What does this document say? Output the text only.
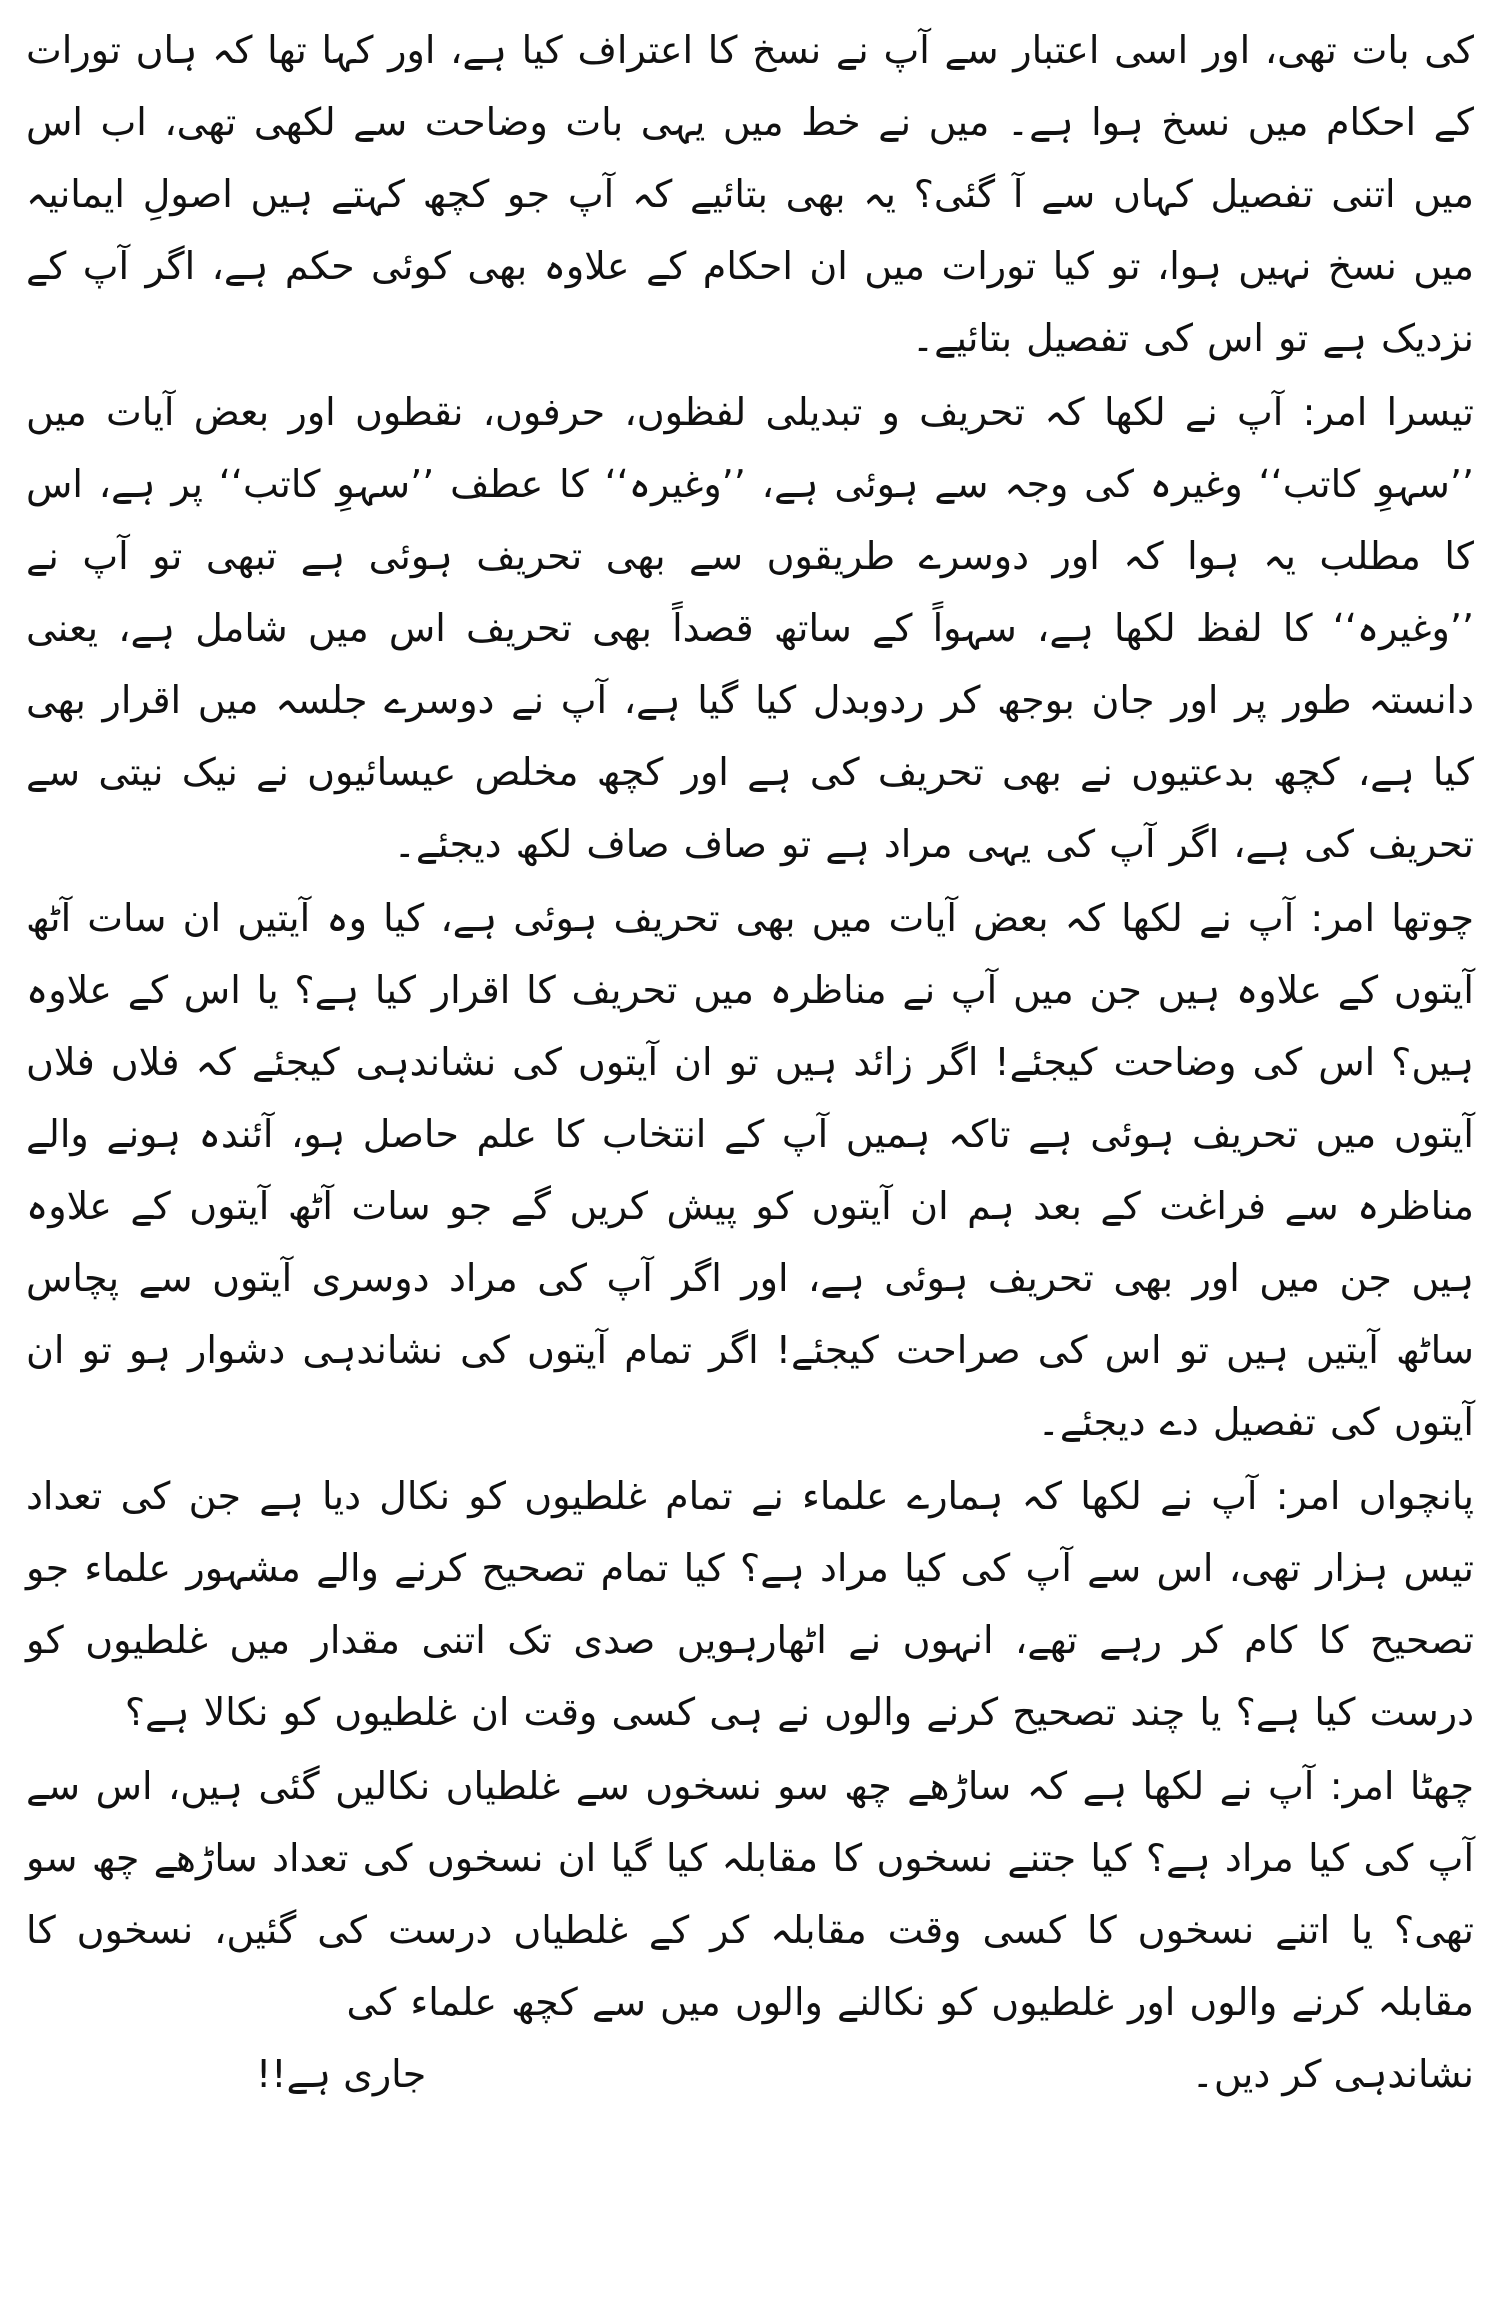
کی بات تھی، اور اسی اعتبار سے آپ نے نسخ کا اعتراف کیا ہے، اور کہا تھا کہ ہاں تورات کے احکام میں نسخ ہوا ہے۔ میں نے خط میں یہی بات وضاحت سے لکھی تھی، اب اس میں اتنی تفصیل کہاں سے آ گئی؟ یہ بھی بتائیے کہ آپ جو کچھ کہتے ہیں اصولِ ایمانیہ میں نسخ نہیں ہوا، تو کیا تورات میں ان احکام کے علاوہ بھی کوئی حکم ہے، اگر آپ کے نزدیک ہے تو اس کی تفصیل بتائیے۔

تیسرا امر: آپ نے لکھا کہ تحریف و تبدیلی لفظوں، حرفوں، نقطوں اور بعض آیات میں ’’سہوِ کاتب‘‘ وغیرہ کی وجہ سے ہوئی ہے، ’’وغیرہ‘‘ کا عطف ’’سہوِ کاتب‘‘ پر ہے، اس کا مطلب یہ ہوا کہ اور دوسرے طریقوں سے بھی تحریف ہوئی ہے تبھی تو آپ نے ’’وغیرہ‘‘ کا لفظ لکھا ہے، سہواً کے ساتھ قصداً بھی تحریف اس میں شامل ہے، یعنی دانستہ طور پر اور جان بوجھ کر ردوبدل کیا گیا ہے، آپ نے دوسرے جلسہ میں اقرار بھی کیا ہے، کچھ بدعتیوں نے بھی تحریف کی ہے اور کچھ مخلص عیسائیوں نے نیک نیتی سے تحریف کی ہے، اگر آپ کی یہی مراد ہے تو صاف صاف لکھ دیجئے۔

چوتھا امر: آپ نے لکھا کہ بعض آیات میں بھی تحریف ہوئی ہے، کیا وہ آیتیں ان سات آٹھ آیتوں کے علاوہ ہیں جن میں آپ نے مناظرہ میں تحریف کا اقرار کیا ہے؟ یا اس کے علاوہ ہیں؟ اس کی وضاحت کیجئے! اگر زائد ہیں تو ان آیتوں کی نشاندہی کیجئے کہ فلاں فلاں آیتوں میں تحریف ہوئی ہے تاکہ ہمیں آپ کے انتخاب کا علم حاصل ہو، آئندہ ہونے والے مناظرہ سے فراغت کے بعد ہم ان آیتوں کو پیش کریں گے جو سات آٹھ آیتوں کے علاوہ ہیں جن میں اور بھی تحریف ہوئی ہے، اور اگر آپ کی مراد دوسری آیتوں سے پچاس ساٹھ آیتیں ہیں تو اس کی صراحت کیجئے! اگر تمام آیتوں کی نشاندہی دشوار ہو تو ان آیتوں کی تفصیل دے دیجئے۔

پانچواں امر: آپ نے لکھا کہ ہمارے علماء نے تمام غلطیوں کو نکال دیا ہے جن کی تعداد تیس ہزار تھی، اس سے آپ کی کیا مراد ہے؟ کیا تمام تصحیح کرنے والے مشہور علماء جو تصحیح کا کام کر رہے تھے، انہوں نے اٹھارہویں صدی تک اتنی مقدار میں غلطیوں کو درست کیا ہے؟ یا چند تصحیح کرنے والوں نے ہی کسی وقت ان غلطیوں کو نکالا ہے؟

چھٹا امر: آپ نے لکھا ہے کہ ساڑھے چھ سو نسخوں سے غلطیاں نکالیں گئی ہیں، اس سے آپ کی کیا مراد ہے؟ کیا جتنے نسخوں کا مقابلہ کیا گیا ان نسخوں کی تعداد ساڑھے چھ سو تھی؟ یا اتنے نسخوں کا کسی وقت مقابلہ کر کے غلطیاں درست کی گئیں، نسخوں کا مقابلہ کرنے والوں اور غلطیوں کو نکالنے والوں میں سے کچھ علماء کی

نشاندہی کر دیں۔
جاری ہے!!
